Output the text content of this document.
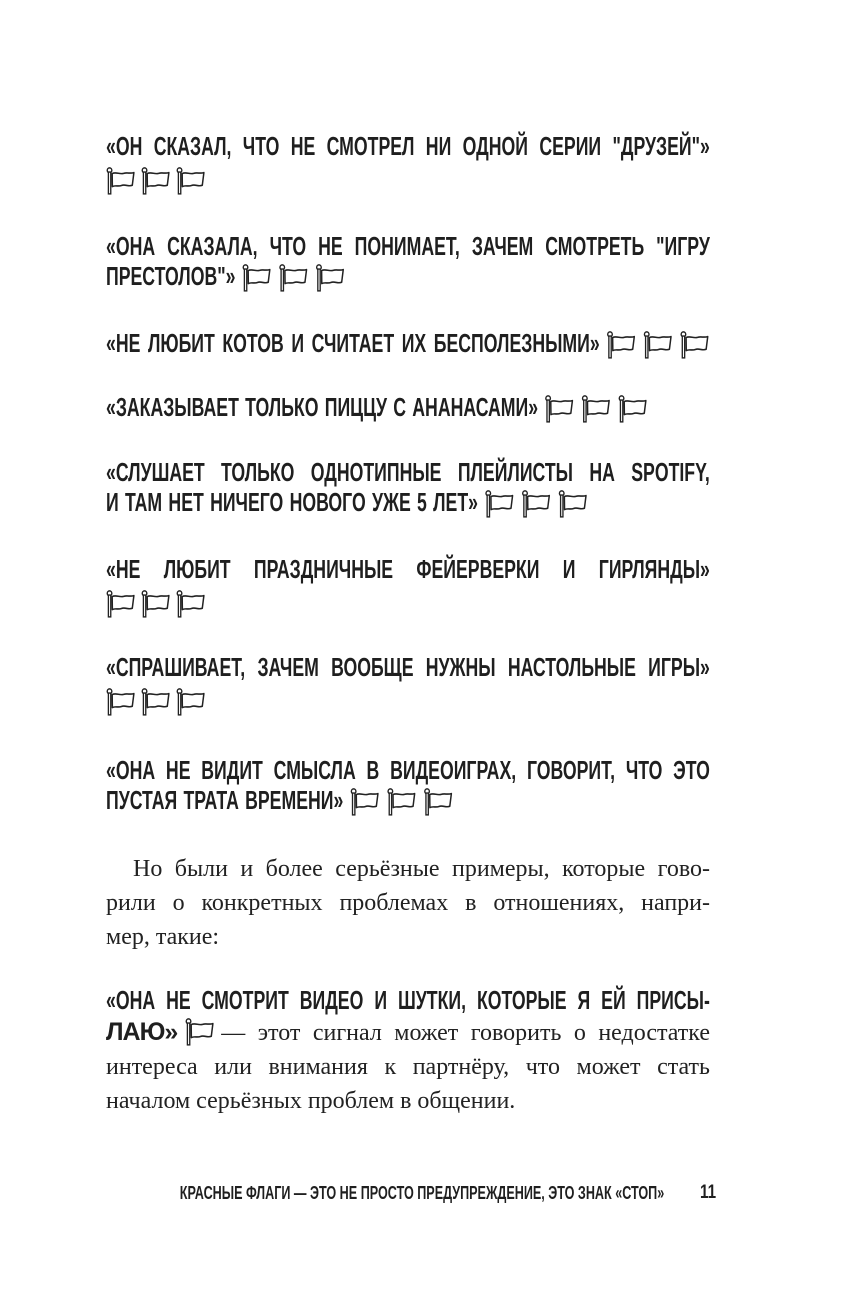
«ОН СКАЗАЛ, ЧТО НЕ СМОТРЕЛ НИ ОДНОЙ СЕРИИ "ДРУЗЕЙ"»
«ОНА СКАЗАЛА, ЧТО НЕ ПОНИМАЕТ, ЗАЧЕМ СМОТРЕТЬ "ИГРУ
ПРЕСТОЛОВ"»
«НЕ ЛЮБИТ КОТОВ И СЧИТАЕТ ИХ БЕСПОЛЕЗНЫМИ»
«ЗАКАЗЫВАЕТ ТОЛЬКО ПИЦЦУ С АНАНАСАМИ»
«СЛУШАЕТ ТОЛЬКО ОДНОТИПНЫЕ ПЛЕЙЛИСТЫ НА SPOTIFY,
И ТАМ НЕТ НИЧЕГО НОВОГО УЖЕ 5 ЛЕТ»
«НЕ ЛЮБИТ ПРАЗДНИЧНЫЕ ФЕЙЕРВЕРКИ И ГИРЛЯНДЫ»
«СПРАШИВАЕТ, ЗАЧЕМ ВООБЩЕ НУЖНЫ НАСТОЛЬНЫЕ ИГРЫ»
«ОНА НЕ ВИДИТ СМЫСЛА В ВИДЕОИГРАХ, ГОВОРИТ, ЧТО ЭТО
ПУСТАЯ ТРАТА ВРЕМЕНИ»
Но были и более серьёзные примеры, которые гово-
рили о конкретных проблемах в отношениях, напри-
мер, такие:
«ОНА НЕ СМОТРИТ ВИДЕО И ШУТКИ, КОТОРЫЕ Я ЕЙ ПРИСЫ-
ЛАЮ» — этот сигнал может говорить о недостатке
интереса или внимания к партнёру, что может стать
началом серьёзных проблем в общении.
КРАСНЫЕ ФЛАГИ — ЭТО НЕ ПРОСТО ПРЕДУПРЕЖДЕНИЕ, ЭТО ЗНАК «СТОП»	11
